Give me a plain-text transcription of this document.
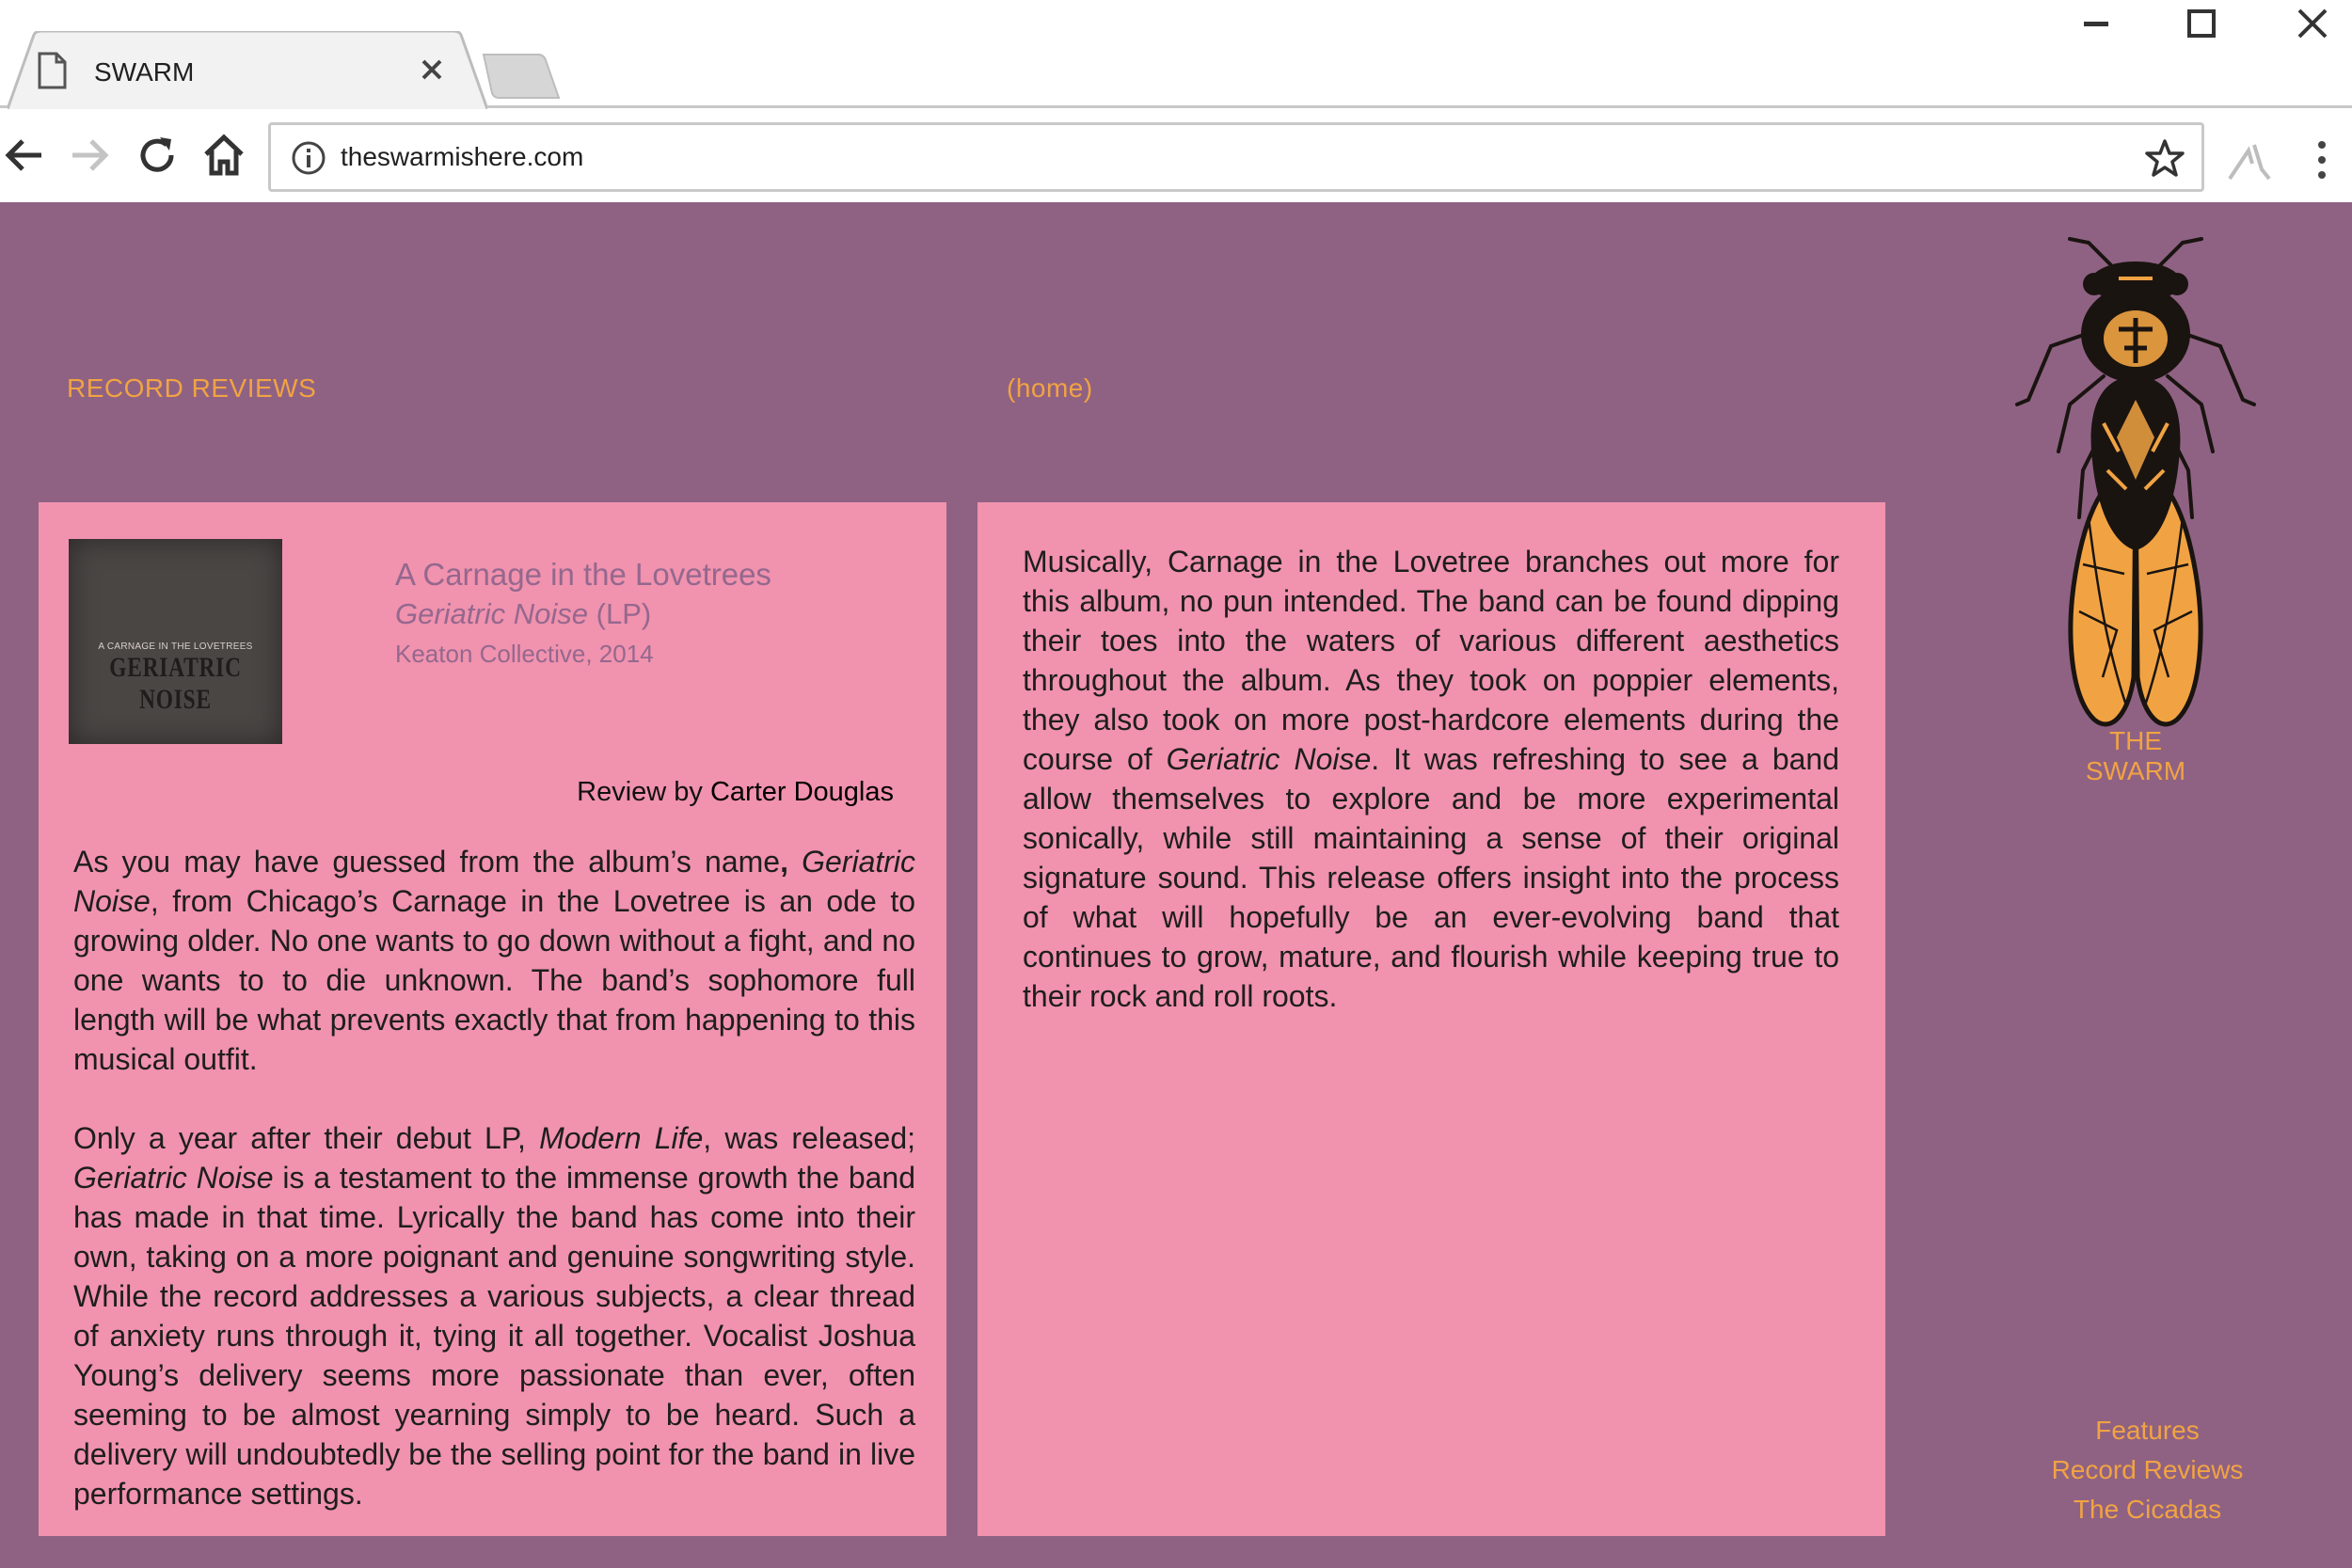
SWARM
theswarmishere.com
RECORD REVIEWS	(home)
A CARNAGE IN THE LOVETREES
GERIATRIC NOISE
A Carnage in the Lovetrees
Geriatric Noise (LP)
Keaton Collective, 2014
Review by Carter Douglas

As you may have guessed from the album’s name, Geriatric Noise, from Chicago’s Carnage in the Lovetree is an ode to growing older. No one wants to go down without a fight, and no one wants to to die unknown. The band’s sophomore full length will be what prevents exactly that from happening to this musical outfit.

Only a year after their debut LP, Modern Life, was released; Geriatric Noise is a testament to the immense growth the band has made in that time. Lyrically the band has come into their own, taking on a more poignant and genuine songwriting style. While the record addresses a various subjects, a clear thread of anxiety runs through it, tying it all together. Vocalist Joshua Young’s delivery seems more passionate than ever, often seeming to be almost yearning simply to be heard. Such a delivery will undoubtedly be the selling point for the band in live performance settings.

Musically, Carnage in the Lovetree branches out more for this album, no pun intended. The band can be found dipping their toes into the waters of various different aesthetics throughout the album. As they took on poppier elements, they also took on more post-hardcore elements during the course of Geriatric Noise. It was refreshing to see a band allow themselves to explore and be more experimental sonically, while still maintaining a sense of their original signature sound. This release offers insight into the process of what will hopefully be an ever-evolving band that continues to grow, mature, and flourish while keeping true to their rock and roll roots.

THE SWARM
Features
Record Reviews
The Cicadas
